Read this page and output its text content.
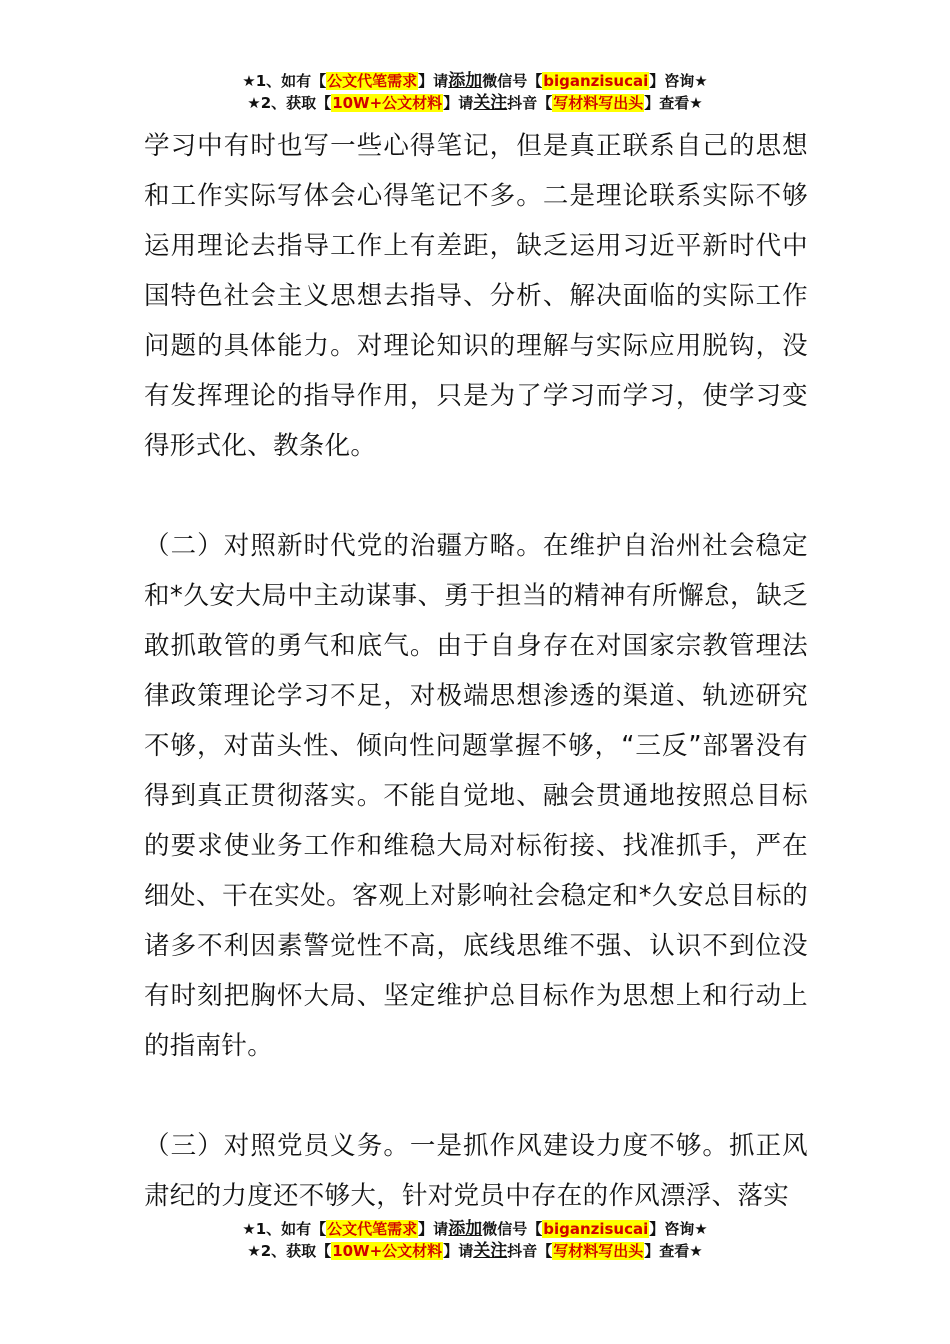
★1、如有【公文代笔需求】请添加微信号【biganzisucai】咨询★
★2、获取【10W+公文材料】请关注抖音【写材料写出头】查看★

学习中有时也写一些心得笔记，但是真正联系自己的思想和工作实际写体会心得笔记不多。二是理论联系实际不够运用理论去指导工作上有差距，缺乏运用习近平新时代中国特色社会主义思想去指导、分析、解决面临的实际工作问题的具体能力。对理论知识的理解与实际应用脱钩，没有发挥理论的指导作用，只是为了学习而学习，使学习变得形式化、教条化。

（二）对照新时代党的治疆方略。在维护自治州社会稳定和*久安大局中主动谋事、勇于担当的精神有所懈怠，缺乏敢抓敢管的勇气和底气。由于自身存在对国家宗教管理法律政策理论学习不足，对极端思想渗透的渠道、轨迹研究不够，对苗头性、倾向性问题掌握不够，“三反”部署没有得到真正贯彻落实。不能自觉地、融会贯通地按照总目标的要求使业务工作和维稳大局对标衔接、找准抓手，严在细处、干在实处。客观上对影响社会稳定和*久安总目标的诸多不利因素警觉性不高，底线思维不强、认识不到位没有时刻把胸怀大局、坚定维护总目标作为思想上和行动上的指南针。

（三）对照党员义务。一是抓作风建设力度不够。抓正风肃纪的力度还不够大，针对党员中存在的作风漂浮、落实

★1、如有【公文代笔需求】请添加微信号【biganzisucai】咨询★
★2、获取【10W+公文材料】请关注抖音【写材料写出头】查看★
